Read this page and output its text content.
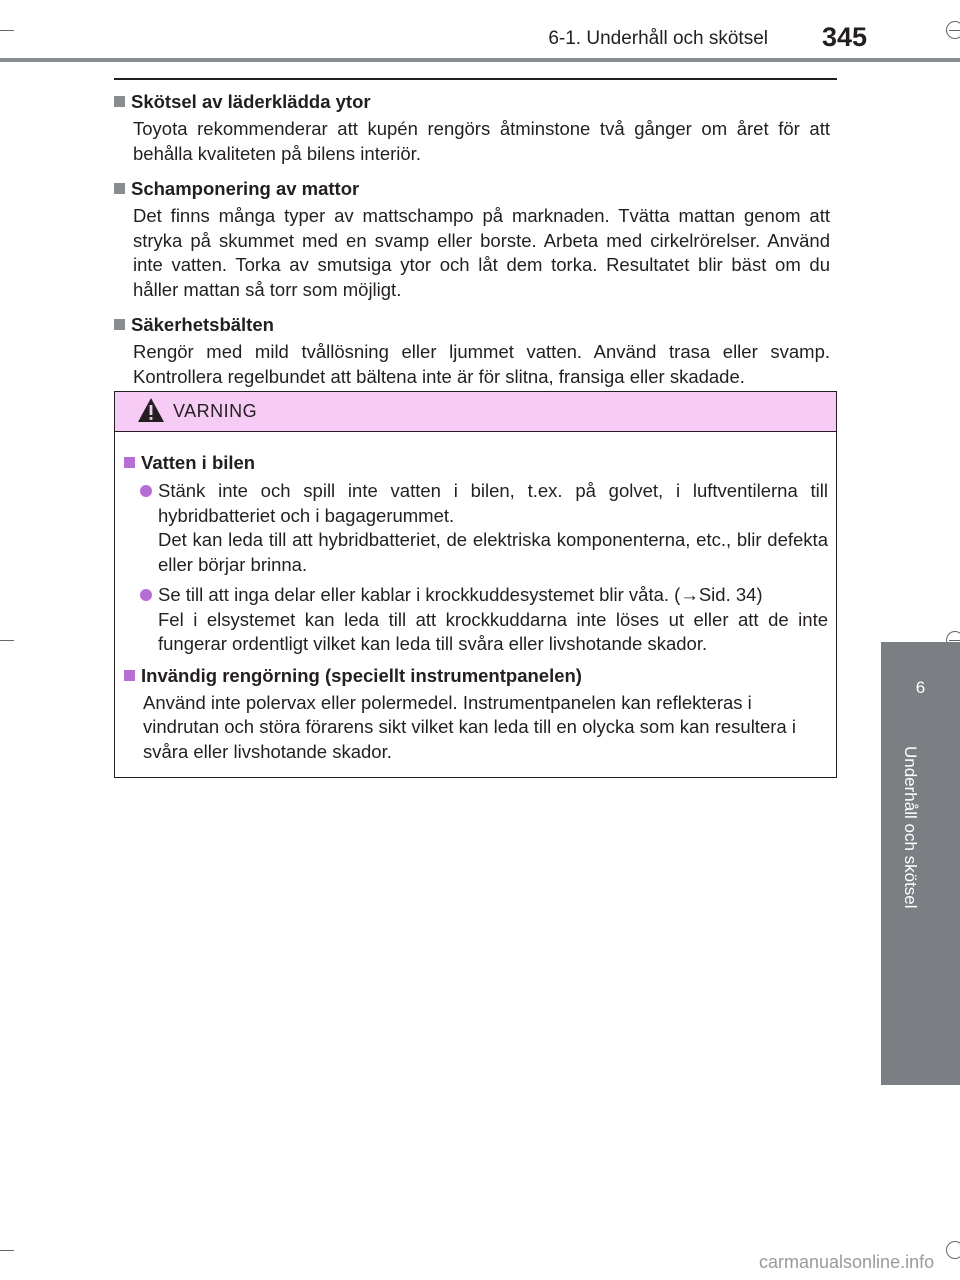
6-1. Underhåll och skötsel 345
6
Underhåll och skötsel
Skötsel av läderklädda ytor
Toyota rekommenderar att kupén rengörs åtminstone två gånger om året för att behålla kvaliteten på bilens interiör.
Schamponering av mattor
Det finns många typer av mattschampo på marknaden. Tvätta mattan genom att stryka på skummet med en svamp eller borste. Arbeta med cirkelrörelser. Använd inte vatten. Torka av smutsiga ytor och låt dem torka. Resultatet blir bäst om du håller mattan så torr som möjligt.
Säkerhetsbälten
Rengör med mild tvållösning eller ljummet vatten. Använd trasa eller svamp. Kontrollera regelbundet att bältena inte är för slitna, fransiga eller skadade.
VARNING
Vatten i bilen

Stänk inte och spill inte vatten i bilen, t.ex. på golvet, i luftventilerna till hybridbatteriet och i bagagerummet.

Det kan leda till att hybridbatteriet, de elektriska komponenterna, etc., blir defekta eller börjar brinna.

Se till att inga delar eller kablar i krockkuddesystemet blir våta. (→Sid. 34)

Fel i elsystemet kan leda till att krockkuddarna inte löses ut eller att de inte fungerar ordentligt vilket kan leda till svåra eller livshotande skador.

Invändig rengörning (speciellt instrumentpanelen)
Använd inte polervax eller polermedel. Instrumentpanelen kan reflekteras i vindrutan och störa förarens sikt vilket kan leda till en olycka som kan resultera i svåra eller livshotande skador.
carmanualsonline.info
